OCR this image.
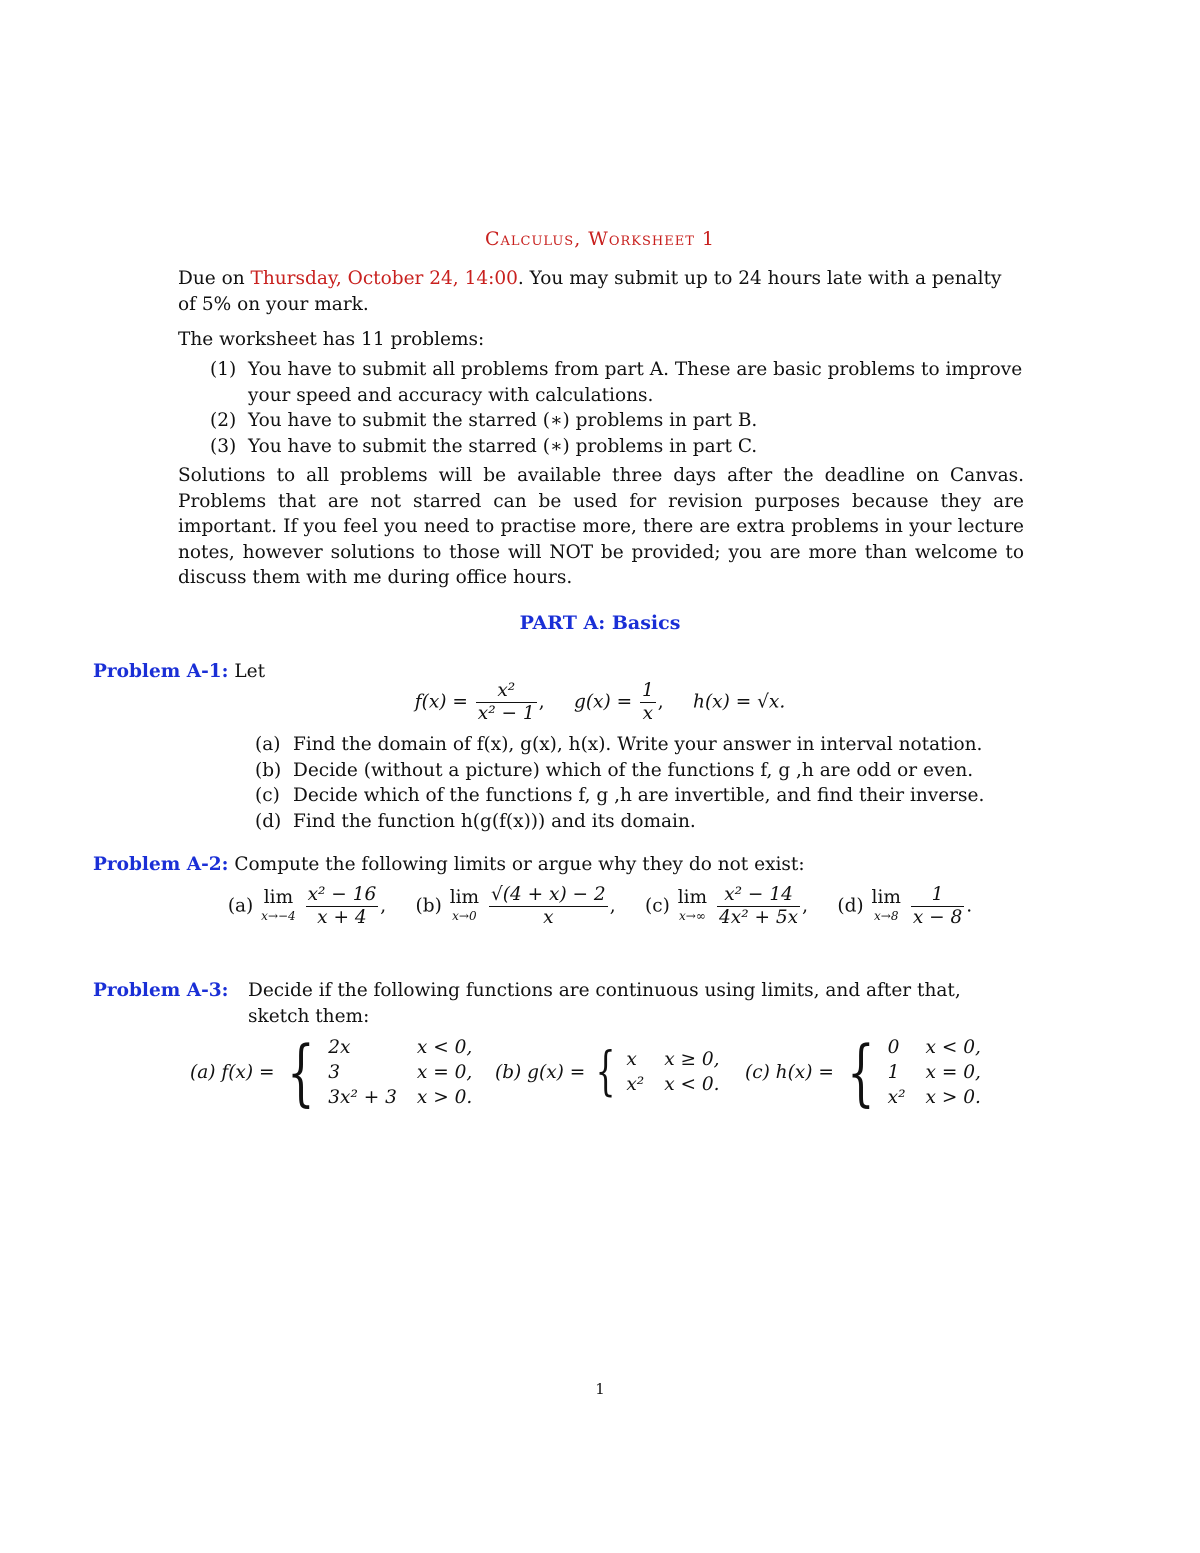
Calculus, Worksheet 1
Due on Thursday, October 24, 14:00. You may submit up to 24 hours late with a penalty
of 5% on your mark.
The worksheet has 11 problems:
(1) You have to submit all problems from part A. These are basic problems to improve your speed and accuracy with calculations.
(2) You have to submit the starred (∗) problems in part B.
(3) You have to submit the starred (∗) problems in part C.
Solutions to all problems will be available three days after the deadline on Canvas. Problems that are not starred can be used for revision purposes because they are important. If you feel you need to practise more, there are extra problems in your lecture notes, however solutions to those will NOT be provided; you are more than welcome to discuss them with me during office hours.
PART A: Basics
Problem A-1: Let
$f(x) = \frac{\text{x²}}{\text{x² − 1}}$ ,     $g(x) = \frac{1}{x}$ ,     h(x) = √x.
(a) Find the domain of f(x), g(x), h(x). Write your answer in interval notation.
(b) Decide (without a picture) which of the functions f, g ,h are odd or even.
(c) Decide which of the functions f, g ,h are invertible, and find their inverse.
(d) Find the function h(g(f(x))) and its domain.
Problem A-2: Compute the following limits or argue why they do not exist:
(a) lim
x→−4
$\frac{\text{x² − 16}}{x + 4}$ , (b) lim
x→0
$\frac{√(4 + x) - 2}{x}$ , (c) lim
x→∞
$\frac{\text{x² − 14}}{\text{4x² + 5x}}$ , (d) lim
x→8
$\frac{1}{x - 8}$ .
Problem A-3: Decide if the following functions are continuous using limits, and after that, sketch them:
(a) f(x) = { 2x	x < 0,
3	x = 0,
3x² + 3 x > 0.
(b) g(x) = { x	x ≥ 0,
x² x < 0.
(c) h(x) = { 0	x < 0,
1	x = 0,
x² x > 0.
1
